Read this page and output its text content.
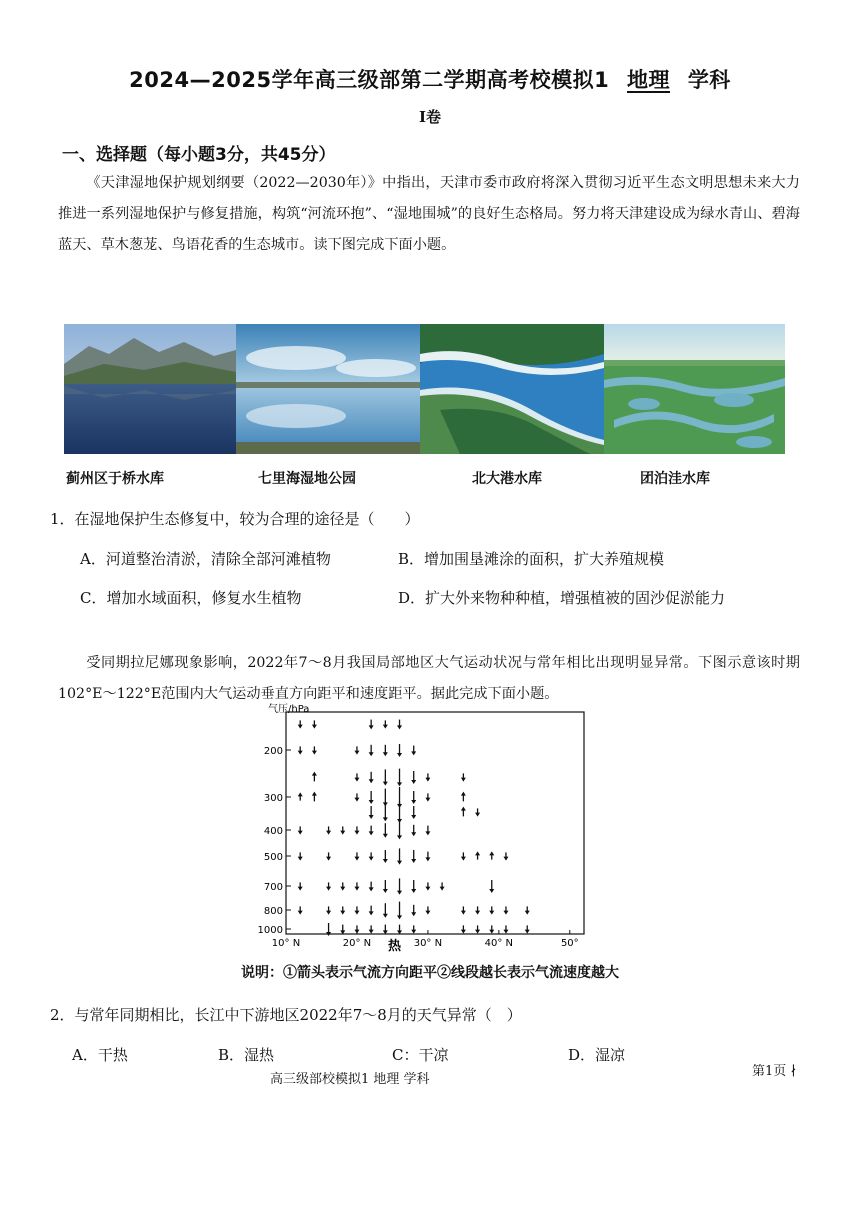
2024—2025学年高三级部第二学期高考校模拟1 地理 学科
I卷
一、选择题（每小题3分，共45分）
《天津湿地保护规划纲要（2022—2030年）》中指出，天津市委市政府将深入贯彻习近平生态文明思想未来大力推进一系列湿地保护与修复措施，构筑“河流环抱”、“湿地围城”的良好生态格局。努力将天津建设成为绿水青山、碧海蓝天、草木葱茏、鸟语花香的生态城市。读下图完成下面小题。
蓟州区于桥水库	七里海湿地公园	北大港水库	团泊洼水库
1．在湿地保护生态修复中，较为合理的途径是（　　）
A．河道整治清淤，清除全部河滩植物	B．增加围垦滩涂的面积，扩大养殖规模
C．增加水域面积，修复水生植物	D．扩大外来物种种植，增强植被的固沙促淤能力
受同期拉尼娜现象影响，2022年7～8月我国局部地区大气运动状况与常年相比出现明显异常。下图示意该时期102°E～122°E范围内大气运动垂直方向距平和速度距平。据此完成下面小题。
气压/hPa
200
300
400
500
700
800
1000
10° N	20° N	30° N	40° N	50°
热
说明：①箭头表示气流方向距平②线段越长表示气流速度越大
2．与常年同期相比，长江中下游地区2022年7～8月的天气异常（　）
A．干热	B．湿热	C：干凉	D．湿凉
高三级部校模拟1 地理 学科
第1页 ∤
